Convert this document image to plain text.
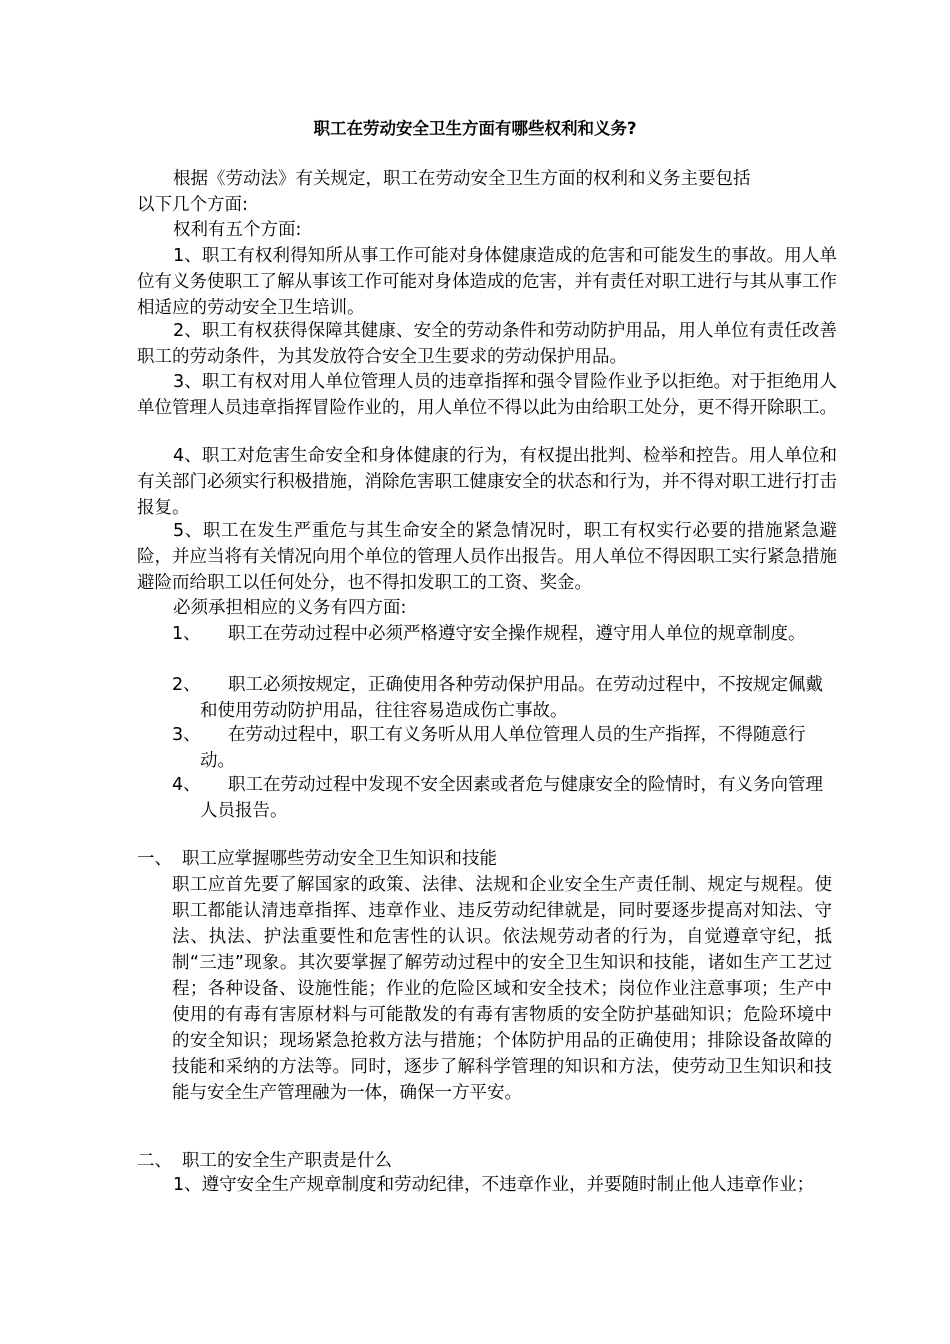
职工在劳动安全卫生方面有哪些权利和义务?
根据《劳动法》有关规定，职工在劳动安全卫生方面的权利和义务主要包括
以下几个方面:
权利有五个方面:
1、职工有权利得知所从事工作可能对身体健康造成的危害和可能发生的事故。用人单位有义务使职工了解从事该工作可能对身体造成的危害，并有责任对职工进行与其从事工作相适应的劳动安全卫生培训。
2、职工有权获得保障其健康、安全的劳动条件和劳动防护用品，用人单位有责任改善职工的劳动条件，为其发放符合安全卫生要求的劳动保护用品。
3、职工有权对用人单位管理人员的违章指挥和强令冒险作业予以拒绝。对于拒绝用人单位管理人员违章指挥冒险作业的，用人单位不得以此为由给职工处分，更不得开除职工。
4、职工对危害生命安全和身体健康的行为，有权提出批判、检举和控告。用人单位和有关部门必须实行积极措施，消除危害职工健康安全的状态和行为，并不得对职工进行打击报复。
5、职工在发生严重危与其生命安全的紧急情况时，职工有权实行必要的措施紧急避险，并应当将有关情况向用个单位的管理人员作出报告。用人单位不得因职工实行紧急措施避险而给职工以任何处分，也不得扣发职工的工资、奖金。
必须承担相应的义务有四方面:
1、	职工在劳动过程中必须严格遵守安全操作规程，遵守用人单位的规章制度。
2、	职工必须按规定，正确使用各种劳动保护用品。在劳动过程中，不按规定佩戴和使用劳动防护用品，往往容易造成伤亡事故。
3、	在劳动过程中，职工有义务听从用人单位管理人员的生产指挥，不得随意行动。
4、	职工在劳动过程中发现不安全因素或者危与健康安全的险情时，有义务向管理人员报告。
一、 职工应掌握哪些劳动安全卫生知识和技能
职工应首先要了解国家的政策、法律、法规和企业安全生产责任制、规定与规程。使职工都能认清违章指挥、违章作业、违反劳动纪律就是，同时要逐步提高对知法、守法、执法、护法重要性和危害性的认识。依法规劳动者的行为，自觉遵章守纪，抵制“三违”现象。其次要掌握了解劳动过程中的安全卫生知识和技能，诸如生产工艺过程；各种设备、设施性能；作业的危险区域和安全技术；岗位作业注意事项；生产中使用的有毒有害原材料与可能散发的有毒有害物质的安全防护基础知识；危险环境中的安全知识；现场紧急抢救方法与措施；个体防护用品的正确使用；排除设备故障的技能和采纳的方法等。同时，逐步了解科学管理的知识和方法，使劳动卫生知识和技能与安全生产管理融为一体，确保一方平安。
二、 职工的安全生产职责是什么
1、遵守安全生产规章制度和劳动纪律，不违章作业，并要随时制止他人违章作业；
